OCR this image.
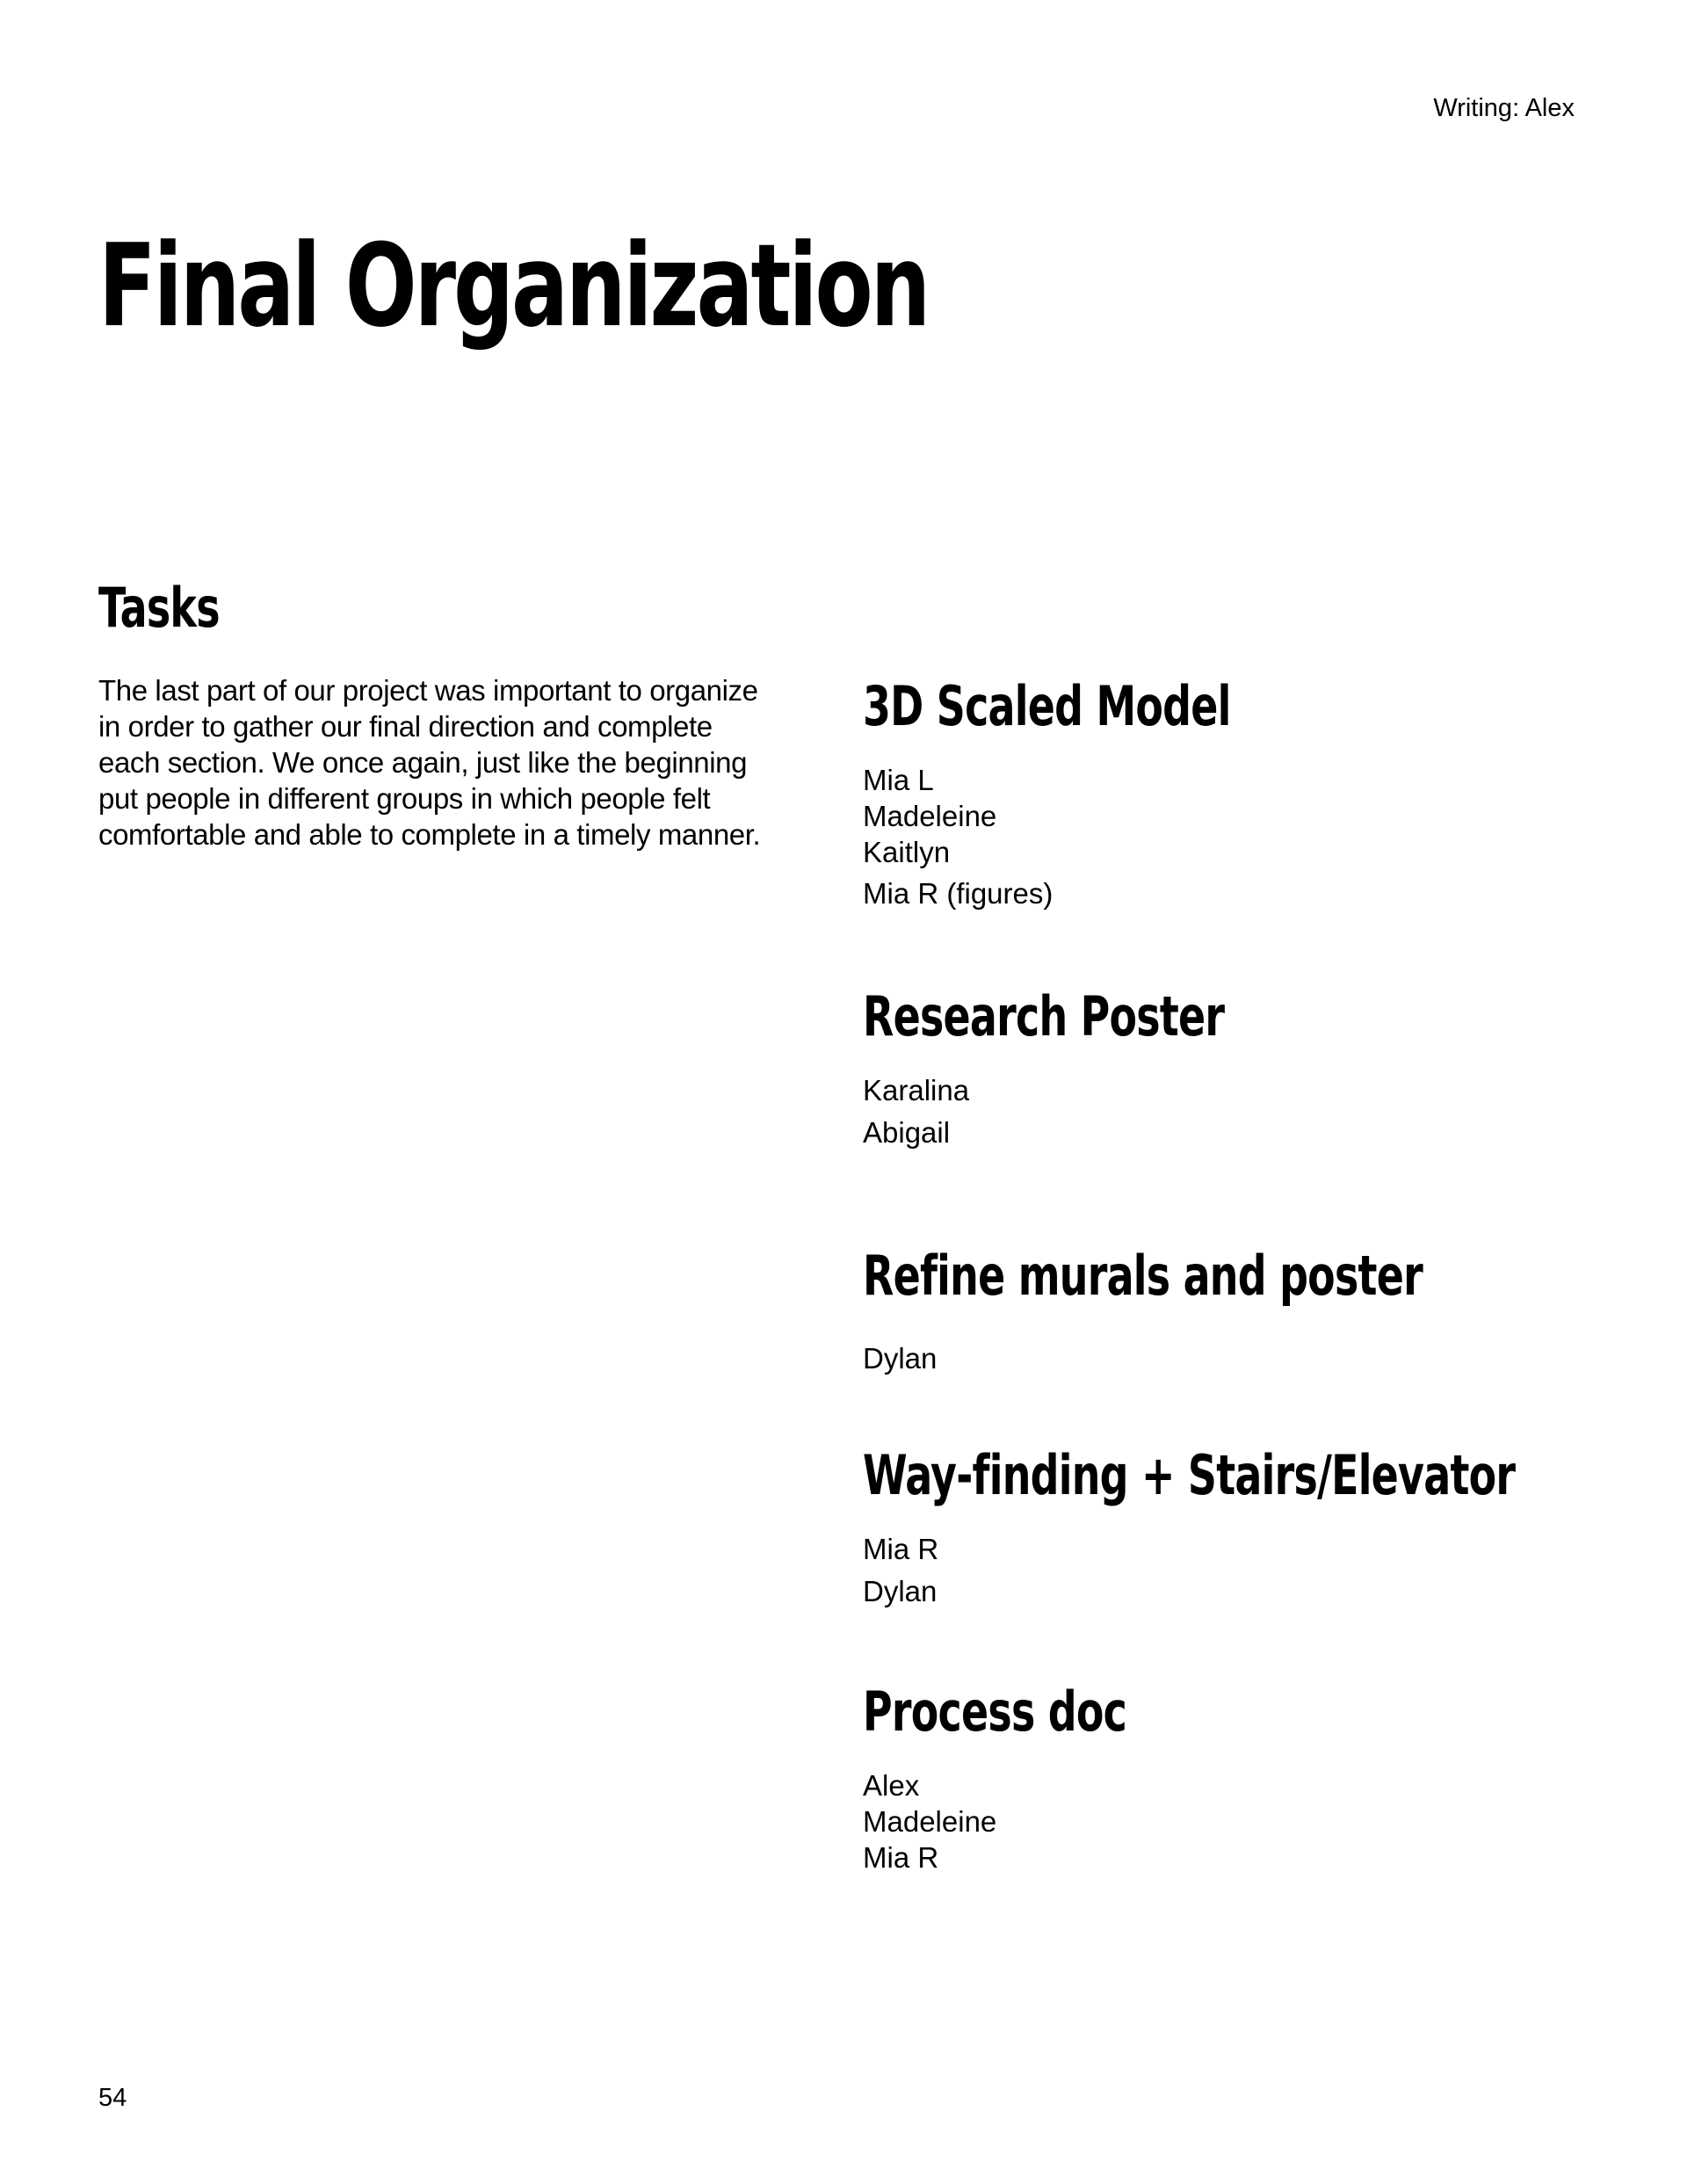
Writing: Alex
Final Organization
Tasks

The last part of our project was important to organize
in order to gather our final direction and complete
each section. We once again, just like the beginning
put people in different groups in which people felt
comfortable and able to complete in a timely manner.

3D Scaled Model
Mia L
Madeleine
Kaitlyn
Mia R (figures)
Research Poster
Karalina
Abigail
Refine murals and poster
Dylan
Way-finding + Stairs/Elevator
Mia R
Dylan
Process doc
Alex
Madeleine
Mia R
54
